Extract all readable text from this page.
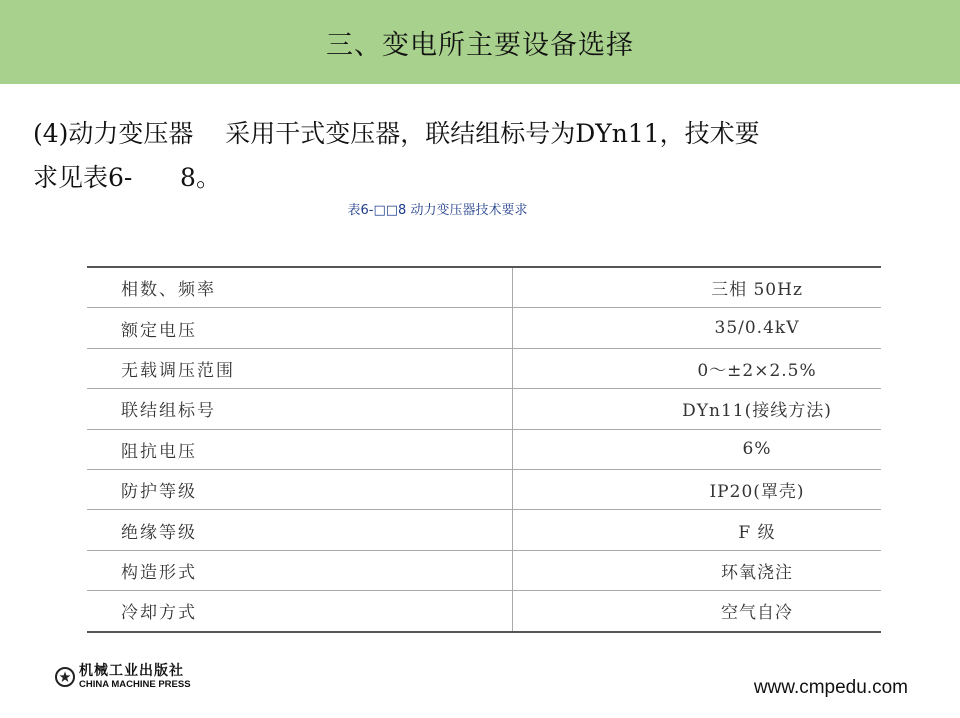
三、变电所主要设备选择
(4)动力变压器    采用干式变压器，联结组标号为DYn11，技术要
求见表6-      8。
表6-□□8 动力变压器技术要求
相数、频率	三相 50Hz
额定电压	35/0.4kV
无载调压范围	0～±2×2.5%
联结组标号	DYn11(接线方法)
阻抗电压	6%
防护等级	IP20(罩壳)
绝缘等级	F 级
构造形式	环氧浇注
冷却方式	空气自冷
机械工业出版社
CHINA MACHINE PRESS	www.cmpedu.com
